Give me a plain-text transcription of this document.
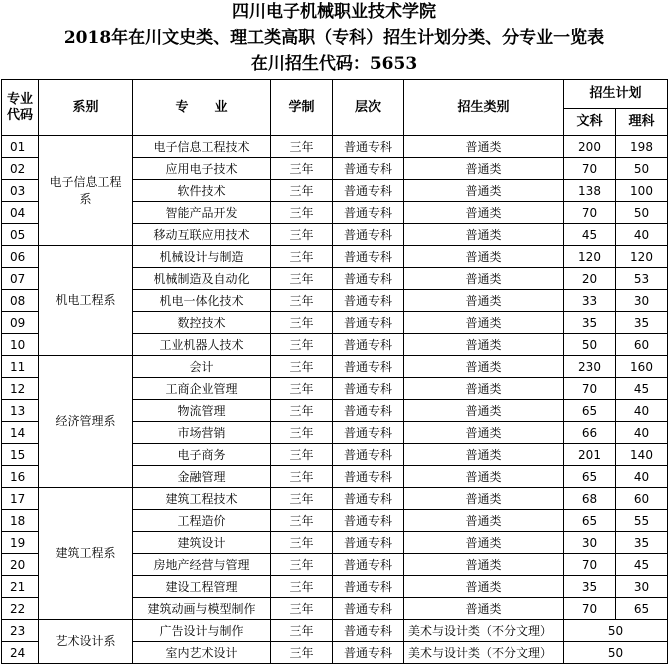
四川电子机械职业技术学院
2018年在川文史类、理工类高职（专科）招生计划分类、分专业一览表
在川招生代码：5653
专业
代码	系别	专　　业	学制	层次	招生类别	招生计划	
						文科	理科
01	电子信息工程系	电子信息工程技术	三年	普通专科	普通类	200	198
02		应用电子技术	三年	普通专科	普通类	70	50
03		软件技术	三年	普通专科	普通类	138	100
04		智能产品开发	三年	普通专科	普通类	70	50
05		移动互联应用技术	三年	普通专科	普通类	45	40
06	机电工程系	机械设计与制造	三年	普通专科	普通类	120	120
07		机械制造及自动化	三年	普通专科	普通类	20	53
08		机电一体化技术	三年	普通专科	普通类	33	30
09		数控技术	三年	普通专科	普通类	35	35
10		工业机器人技术	三年	普通专科	普通类	50	60
11	经济管理系	会计	三年	普通专科	普通类	230	160
12		工商企业管理	三年	普通专科	普通类	70	45
13		物流管理	三年	普通专科	普通类	65	40
14		市场营销	三年	普通专科	普通类	66	40
15		电子商务	三年	普通专科	普通类	201	140
16		金融管理	三年	普通专科	普通类	65	40
17	建筑工程系	建筑工程技术	三年	普通专科	普通类	68	60
18		工程造价	三年	普通专科	普通类	65	55
19		建筑设计	三年	普通专科	普通类	30	35
20		房地产经营与管理	三年	普通专科	普通类	70	45
21		建设工程管理	三年	普通专科	普通类	35	30
22		建筑动画与模型制作	三年	普通专科	普通类	70	65
23	艺术设计系	广告设计与制作	三年	普通专科	美术与设计类（不分文理）	50	
24		室内艺术设计	三年	普通专科	美术与设计类（不分文理）	50	
